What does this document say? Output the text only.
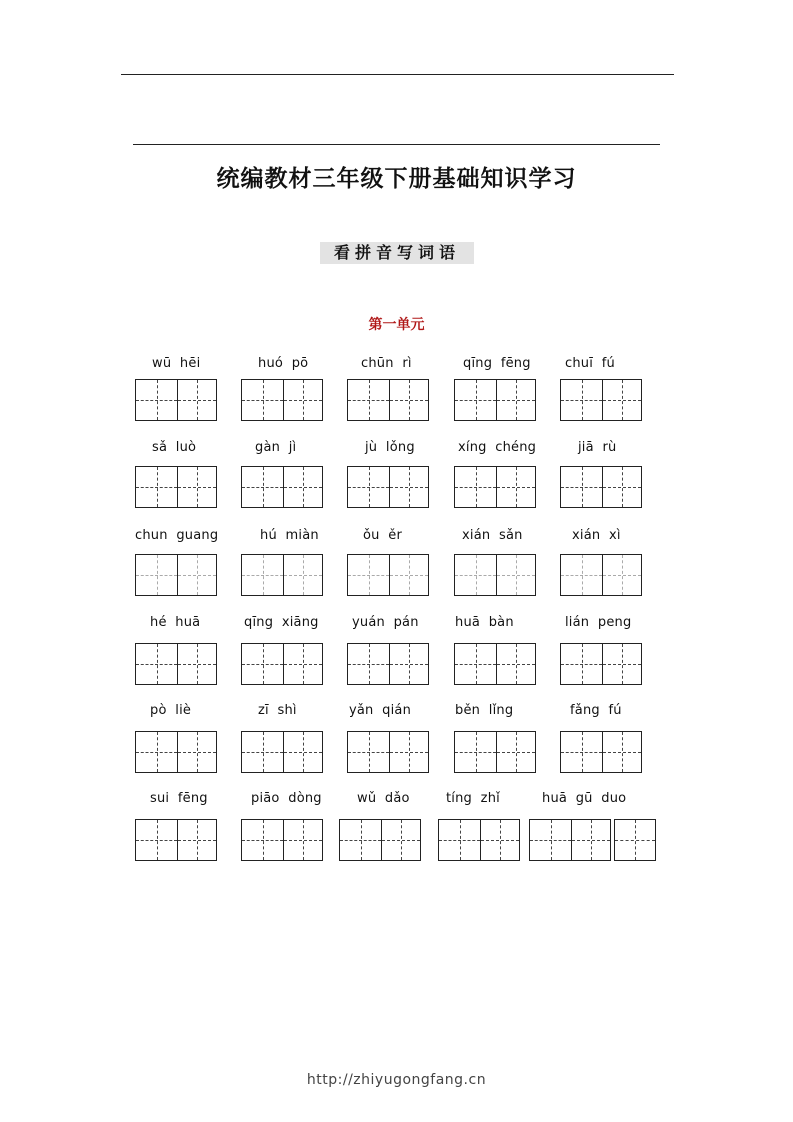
统编教材三年级下册基础知识学习
看拼音写词语
第一单元
wū  hēi	huó  pō	chūn  rì	qīng  fēng	chuī  fú
sǎ  luò	gàn  jì	jù  lǒng	xíng  chéng	jiā  rù
chun  guang	hú  miàn	ǒu  ěr	xián  sǎn	xián  xì
hé  huā	qīng  xiāng	yuán  pán	huā  bàn	lián  peng
pò  liè	zī  shì	yǎn  qián	běn  lǐng	fǎng  fú
sui  fēng	piāo  dòng	wǔ  dǎo	tíng  zhǐ	huā  gū  duo
http://zhiyugongfang.cn
